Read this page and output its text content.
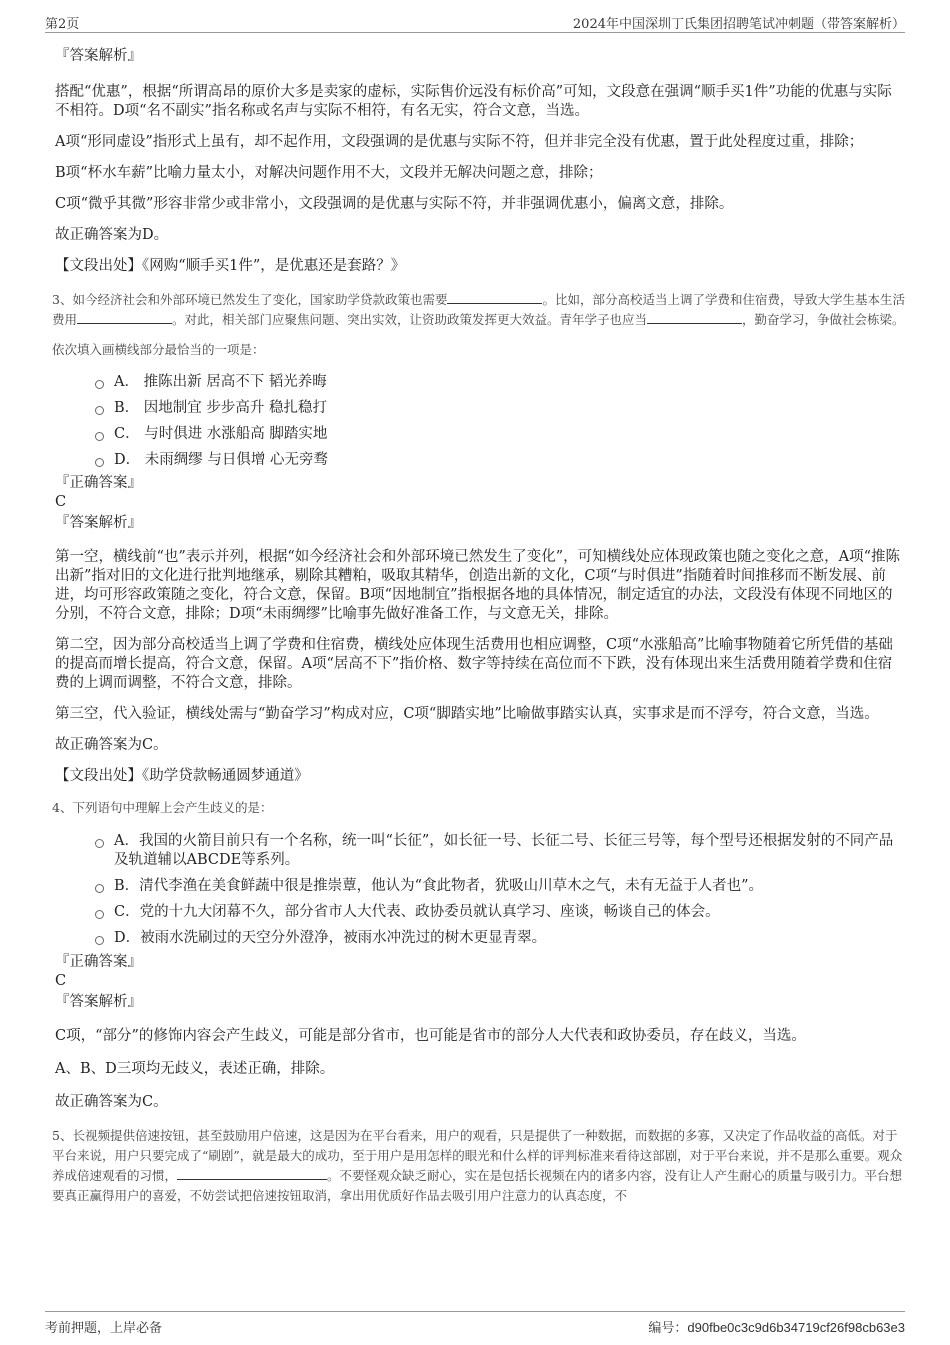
第2页	2024年中国深圳丁氏集团招聘笔试冲刺题（带答案解析）
『答案解析』

搭配“优惠”，根据“所谓高昂的原价大多是卖家的虚标，实际售价远没有标价高”可知，文段意在强调“顺手买1件”功能的优惠与实际不相符。D项“名不副实”指名称或名声与实际不相符，有名无实，符合文意，当选。

A项“形同虚设”指形式上虽有，却不起作用，文段强调的是优惠与实际不符，但并非完全没有优惠，置于此处程度过重，排除；

B项“杯水车薪”比喻力量太小，对解决问题作用不大，文段并无解决问题之意，排除；

C项“微乎其微”形容非常少或非常小，文段强调的是优惠与实际不符，并非强调优惠小，偏离文意，排除。

故正确答案为D。

【文段出处】《网购“顺手买1件”，是优惠还是套路？》

3、如今经济社会和外部环境已然发生了变化，国家助学贷款政策也需要	。比如，部分高校适当上调了学费和住宿费，导致大学生基本生活费用	。对此，相关部门应聚焦问题、突出实效，让资助政策发挥更大效益。青年学子也应当	，勤奋学习，争做社会栋梁。

依次填入画横线部分最恰当的一项是：

A． 推陈出新 居高不下 韬光养晦
B． 因地制宜 步步高升 稳扎稳打
C． 与时俱进 水涨船高 脚踏实地
D． 未雨绸缪 与日俱增 心无旁骛
『正确答案』
C
『答案解析』

第一空，横线前“也”表示并列，根据“如今经济社会和外部环境已然发生了变化”，可知横线处应体现政策也随之变化之意，A项“推陈出新”指对旧的文化进行批判地继承，剔除其糟粕，吸取其精华，创造出新的文化，C项“与时俱进”指随着时间推移而不断发展、前进，均可形容政策随之变化，符合文意，保留。B项“因地制宜”指根据各地的具体情况，制定适宜的办法，文段没有体现不同地区的分别，不符合文意，排除；D项“未雨绸缪”比喻事先做好准备工作，与文意无关，排除。

第二空，因为部分高校适当上调了学费和住宿费，横线处应体现生活费用也相应调整，C项“水涨船高”比喻事物随着它所凭借的基础的提高而增长提高，符合文意，保留。A项“居高不下”指价格、数字等持续在高位而不下跌，没有体现出来生活费用随着学费和住宿费的上调而调整，不符合文意，排除。

第三空，代入验证，横线处需与“勤奋学习”构成对应，C项“脚踏实地”比喻做事踏实认真，实事求是而不浮夸，符合文意，当选。

故正确答案为C。

【文段出处】《助学贷款畅通圆梦通道》

4、下列语句中理解上会产生歧义的是：

A．我国的火箭目前只有一个名称，统一叫“长征”，如长征一号、长征二号、长征三号等，每个型号还根据发射的不同产品及轨道辅以ABCDE等系列。
B．清代李渔在美食鲜蔬中很是推崇蕈，他认为“食此物者，犹吸山川草木之气，未有无益于人者也”。
C．党的十九大闭幕不久，部分省市人大代表、政协委员就认真学习、座谈，畅谈自己的体会。
D．被雨水洗刷过的天空分外澄净，被雨水冲洗过的树木更显青翠。
『正确答案』
C
『答案解析』

C项，“部分”的修饰内容会产生歧义，可能是部分省市，也可能是省市的部分人大代表和政协委员，存在歧义，当选。

A、B、D三项均无歧义，表述正确，排除。

故正确答案为C。

5、长视频提供倍速按钮，甚至鼓励用户倍速，这是因为在平台看来，用户的观看，只是提供了一种数据，而数据的多寡，又决定了作品收益的高低。对于平台来说，用户只要完成了“刷剧”，就是最大的成功，至于用户是用怎样的眼光和什么样的评判标准来看待这部剧，对于平台来说，并不是那么重要。观众养成倍速观看的习惯，	。不要怪观众缺乏耐心，实在是包括长视频在内的诸多内容，没有让人产生耐心的质量与吸引力。平台想要真正赢得用户的喜爱，不妨尝试把倍速按钮取消，拿出用优质好作品去吸引用户注意力的认真态度，不

考前押题，上岸必备	编号：d90fbe0c3c9d6b34719cf26f98cb63e3
